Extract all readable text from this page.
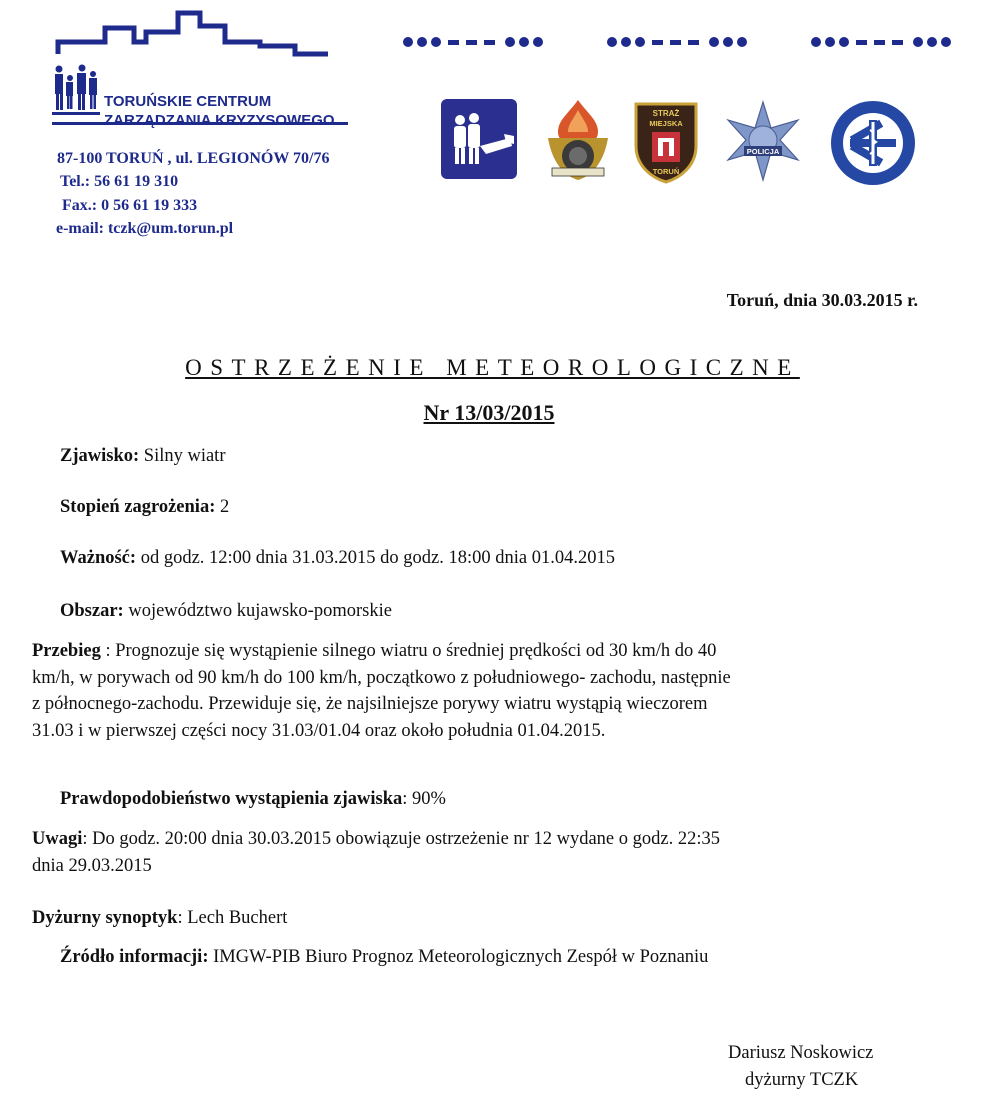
TORUŃSKIE CENTRUM
ZARZĄDZANIA KRYZYSOWEGO
87-100 TORUŃ , ul. LEGIONÓW 70/76
Tel.: 56 61 19 310
Fax.: 0 56 61 19 333
e-mail: tczk@um.torun.pl
STRAŻ
MIEJSKA
TORUŃ
POLICJA
Toruń, dnia 30.03.2015 r.
OSTRZEŻENIE METEOROLOGICZNE
Nr 13/03/2015
Zjawisko: Silny wiatr
Stopień zagrożenia: 2
Ważność: od godz. 12:00 dnia 31.03.2015 do godz. 18:00 dnia 01.04.2015
Obszar: województwo kujawsko-pomorskie
Przebieg : Prognozuje się wystąpienie silnego wiatru o średniej prędkości od 30 km/h do 40
km/h, w porywach od 90 km/h do 100 km/h, początkowo z południowego- zachodu, następnie
z północnego-zachodu. Przewiduje się, że najsilniejsze porywy wiatru wystąpią wieczorem
31.03 i w pierwszej części nocy 31.03/01.04 oraz około południa 01.04.2015.
Prawdopodobieństwo wystąpienia zjawiska: 90%
Uwagi: Do godz. 20:00 dnia 30.03.2015 obowiązuje ostrzeżenie nr 12 wydane o godz. 22:35
dnia 29.03.2015
Dyżurny synoptyk: Lech Buchert
Źródło informacji: IMGW-PIB Biuro Prognoz Meteorologicznych Zespół w Poznaniu
Dariusz Noskowicz
dyżurny TCZK
